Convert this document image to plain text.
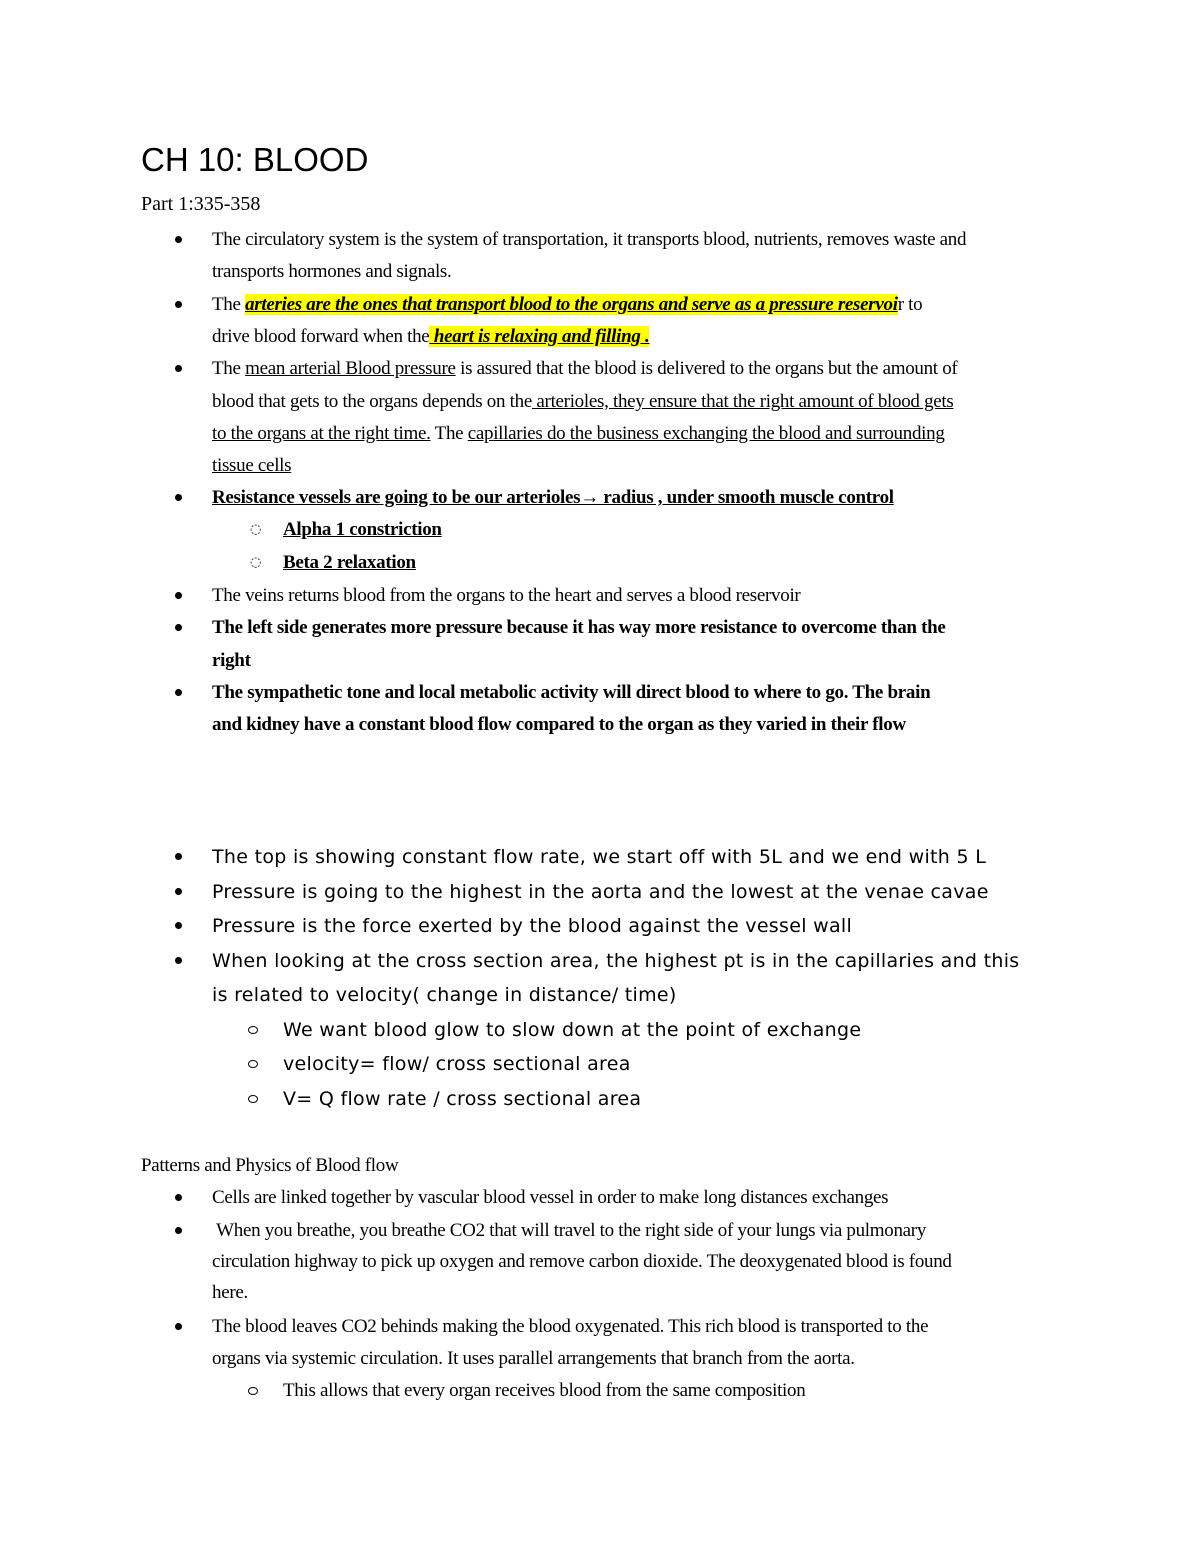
CH 10: BLOOD
Part 1:335-358
The circulatory system is the system of transportation, it transports blood, nutrients, removes waste and
transports hormones and signals.
The arteries are the ones that transport blood to the organs and serve as a pressure reservoir to
drive blood forward when the heart is relaxing and filling .
The mean arterial Blood pressure is assured that the blood is delivered to the organs but the amount of
blood that gets to the organs depends on the arterioles, they ensure that the right amount of blood gets
to the organs at the right time. The capillaries do the business exchanging the blood and surrounding
tissue cells
Resistance vessels are going to be our arterioles→ radius , under smooth muscle control
◌ Alpha 1 constriction
◌ Beta 2 relaxation
The veins returns blood from the organs to the heart and serves a blood reservoir
The left side generates more pressure because it has way more resistance to overcome than the
right
The sympathetic tone and local metabolic activity will direct blood to where to go. The brain
and kidney have a constant blood flow compared to the organ as they varied in their flow
The top is showing constant flow rate, we start off with 5L and we end with 5 L
Pressure is going to the highest in the aorta and the lowest at the venae cavae
Pressure is the force exerted by the blood against the vessel wall
When looking at the cross section area, the highest pt is in the capillaries and this
is related to velocity( change in distance/ time)
We want blood glow to slow down at the point of exchange
velocity= flow/ cross sectional area
V= Q flow rate / cross sectional area
Patterns and Physics of Blood flow
Cells are linked together by vascular blood vessel in order to make long distances exchanges
When you breathe, you breathe CO2 that will travel to the right side of your lungs via pulmonary
circulation highway to pick up oxygen and remove carbon dioxide. The deoxygenated blood is found
here.
The blood leaves CO2 behinds making the blood oxygenated. This rich blood is transported to the
organs via systemic circulation. It uses parallel arrangements that branch from the aorta.
This allows that every organ receives blood from the same composition
